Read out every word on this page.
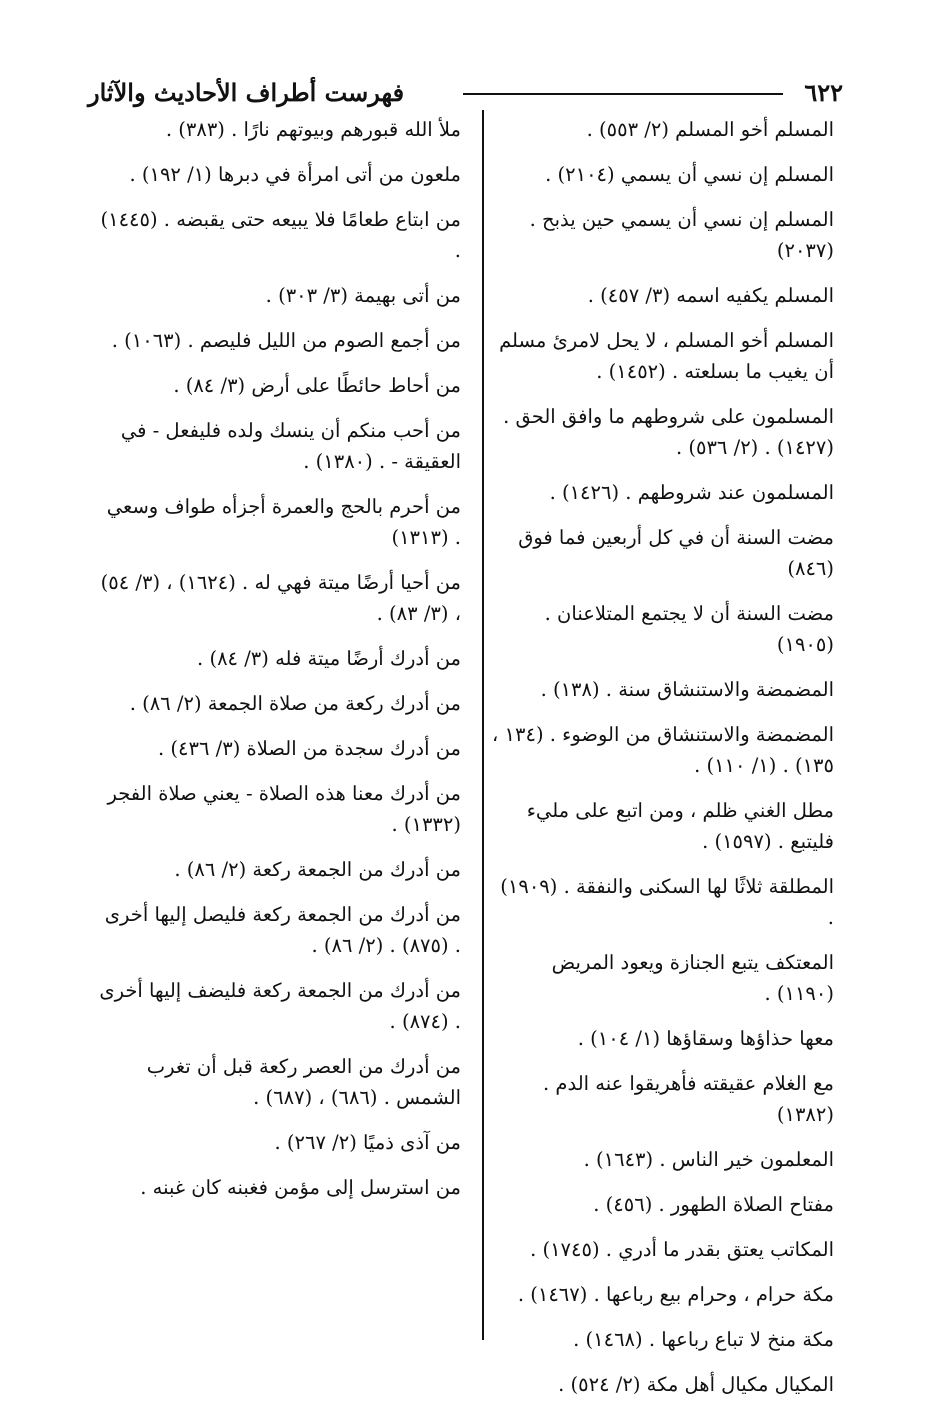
٦٢٢
فهرست أطراف الأحاديث والآثار

المسلم أخو المسلم (٢/ ٥٥٣) .

المسلم إن نسي أن يسمي (٢١٠٤) .

المسلم إن نسي أن يسمي حين يذبح . (٢٠٣٧)

المسلم يكفيه اسمه (٣/ ٤٥٧) .

المسلم أخو المسلم ، لا يحل لامرئ مسلم أن يغيب ما بسلعته . (١٤٥٢) .

المسلمون على شروطهم ما وافق الحق . (١٤٢٧) . (٢/ ٥٣٦) .

المسلمون عند شروطهم . (١٤٢٦) .

مضت السنة أن في كل أربعين فما فوق (٨٤٦)

مضت السنة أن لا يجتمع المتلاعنان . (١٩٠٥)

المضمضة والاستنشاق سنة . (١٣٨) .

المضمضة والاستنشاق من الوضوء . (١٣٤ ، ١٣٥) . (١/ ١١٠) .

مطل الغني ظلم ، ومن اتبع على مليء فليتبع . (١٥٩٧) .

المطلقة ثلاثًا لها السكنى والنفقة . (١٩٠٩) .

المعتكف يتبع الجنازة ويعود المريض (١١٩٠) .

معها حذاؤها وسقاؤها (١/ ١٠٤) .

مع الغلام عقيقته فأهريقوا عنه الدم . (١٣٨٢)

المعلمون خير الناس . (١٦٤٣) .

مفتاح الصلاة الطهور . (٤٥٦) .

المكاتب يعتق بقدر ما أدري . (١٧٤٥) .

مكة حرام ، وحرام بيع رباعها . (١٤٦٧) .

مكة منخ لا تباع رباعها . (١٤٦٨) .

المكيال مكيال أهل مكة (٢/ ٥٢٤) .

ملأ الله قبورهم وبيوتهم نارًا . (٣٨٣) .

ملعون من أتى امرأة في دبرها (١/ ١٩٢) .

من ابتاع طعامًا فلا يبيعه حتى يقبضه . (١٤٤٥) .

من أتى بهيمة (٣/ ٣٠٣) .

من أجمع الصوم من الليل فليصم . (١٠٦٣) .

من أحاط حائطًا على أرض (٣/ ٨٤) .

من أحب منكم أن ينسك ولده فليفعل - في العقيقة - . (١٣٨٠) .

من أحرم بالحج والعمرة أجزأه طواف وسعي . (١٣١٣)

من أحيا أرضًا ميتة فهي له . (١٦٢٤) ، (٣/ ٥٤) ، (٣/ ٨٣) .

من أدرك أرضًا ميتة فله (٣/ ٨٤) .

من أدرك ركعة من صلاة الجمعة (٢/ ٨٦) .

من أدرك سجدة من الصلاة (٣/ ٤٣٦) .

من أدرك معنا هذه الصلاة - يعني صلاة الفجر (١٣٣٢) .

من أدرك من الجمعة ركعة (٢/ ٨٦) .

من أدرك من الجمعة ركعة فليصل إليها أخرى . (٨٧٥) . (٢/ ٨٦) .

من أدرك من الجمعة ركعة فليضف إليها أخرى . (٨٧٤) .

من أدرك من العصر ركعة قبل أن تغرب الشمس . (٦٨٦) ، (٦٨٧) .

من آذى ذميًا (٢/ ٢٦٧) .

من استرسل إلى مؤمن فغبنه كان غبنه .
